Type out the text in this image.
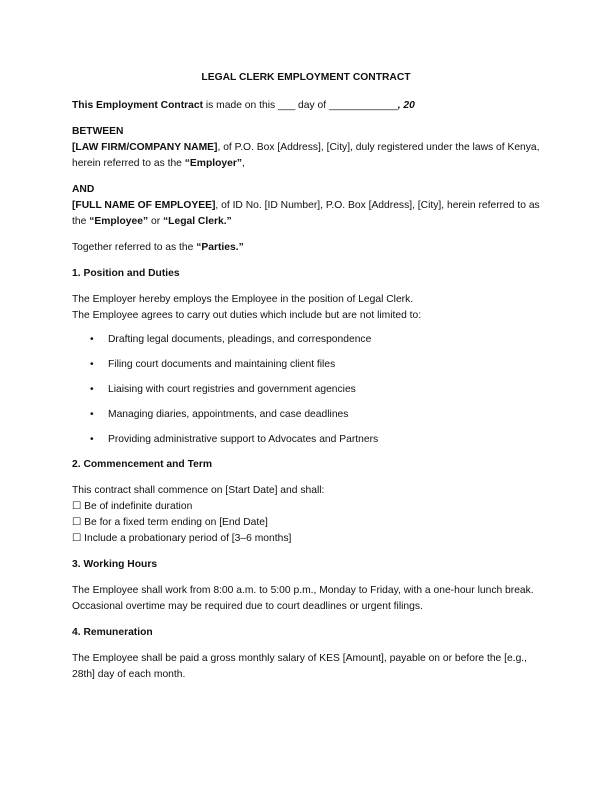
LEGAL CLERK EMPLOYMENT CONTRACT

This Employment Contract is made on this ___ day of ____________, 20

BETWEEN

[LAW FIRM/COMPANY NAME], of P.O. Box [Address], [City], duly registered under the laws of Kenya, herein referred to as the “Employer”,

AND

[FULL NAME OF EMPLOYEE], of ID No. [ID Number], P.O. Box [Address], [City], herein referred to as the “Employee” or “Legal Clerk.”

Together referred to as the “Parties.”

1. Position and Duties

The Employer hereby employs the Employee in the position of Legal Clerk.

The Employee agrees to carry out duties which include but are not limited to:

• Drafting legal documents, pleadings, and correspondence
• Filing court documents and maintaining client files
• Liaising with court registries and government agencies
• Managing diaries, appointments, and case deadlines
• Providing administrative support to Advocates and Partners

2. Commencement and Term

This contract shall commence on [Start Date] and shall:

☐ Be of indefinite duration
☐ Be for a fixed term ending on [End Date]
☐ Include a probationary period of [3–6 months]

3. Working Hours

The Employee shall work from 8:00 a.m. to 5:00 p.m., Monday to Friday, with a one-hour lunch break.

Occasional overtime may be required due to court deadlines or urgent filings.

4. Remuneration

The Employee shall be paid a gross monthly salary of KES [Amount], payable on or before the [e.g., 28th] day of each month.
